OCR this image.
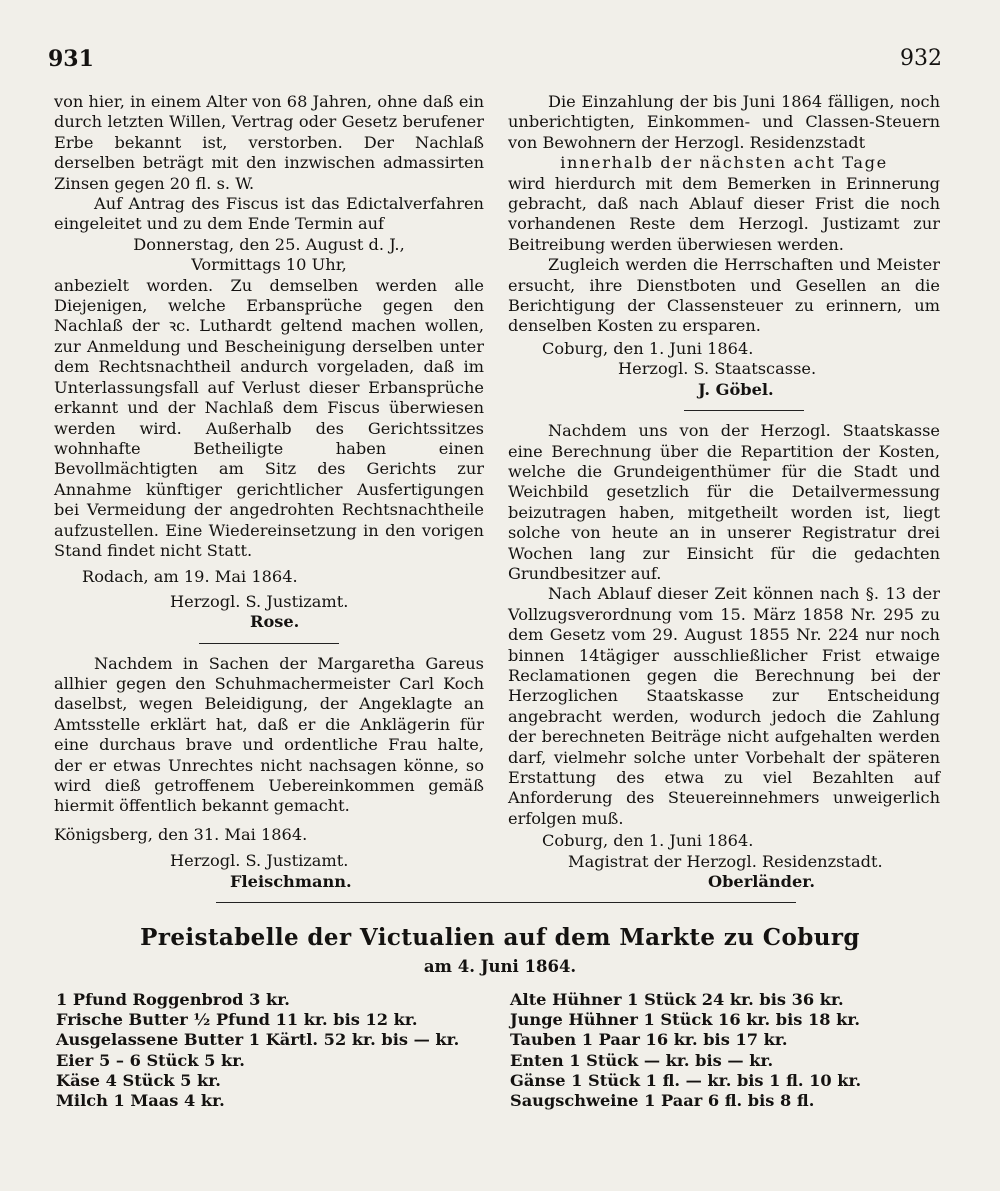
931	932

von hier, in einem Alter von 68 Jahren, ohne daß ein durch letzten Willen, Vertrag oder Gesetz berufener Erbe bekannt ist, verstorben. Der Nachlaß derselben beträgt mit den inzwischen admassirten Zinsen gegen 20 fl. s. W.

Auf Antrag des Fiscus ist das Edictalverfahren eingeleitet und zu dem Ende Termin auf

Donnerstag, den 25. August d. J.,

Vormittags 10 Uhr,

anbezielt worden. Zu demselben werden alle Diejenigen, welche Erbansprüche gegen den Nachlaß der ꝛc. Luthardt geltend machen wollen, zur Anmeldung und Bescheinigung derselben unter dem Rechtsnachtheil andurch vorgeladen, daß im Unterlassungsfall auf Verlust dieser Erbansprüche erkannt und der Nachlaß dem Fiscus überwiesen werden wird. Außerhalb des Gerichtssitzes wohnhafte Betheiligte haben einen Bevollmächtigten am Sitz des Gerichts zur Annahme künftiger gerichtlicher Ausfertigungen bei Vermeidung der angedrohten Rechtsnachtheile aufzustellen. Eine Wiedereinsetzung in den vorigen Stand findet nicht Statt.

Rodach, am 19. Mai 1864.

Herzogl. S. Justizamt.

Rose.

Nachdem in Sachen der Margaretha Gareus allhier gegen den Schuhmachermeister Carl Koch daselbst, wegen Beleidigung, der Angeklagte an Amtsstelle erklärt hat, daß er die Anklägerin für eine durchaus brave und ordentliche Frau halte, der er etwas Unrechtes nicht nachsagen könne, so wird dieß getroffenem Uebereinkommen gemäß hiermit öffentlich bekannt gemacht.

Königsberg, den 31. Mai 1864.

Herzogl. S. Justizamt.

Fleischmann.

Die Einzahlung der bis Juni 1864 fälligen, noch unberichtigten, Einkommen- und Classen-Steuern von Bewohnern der Herzogl. Residenzstadt

innerhalb der nächsten acht Tage

wird hierdurch mit dem Bemerken in Erinnerung gebracht, daß nach Ablauf dieser Frist die noch vorhandenen Reste dem Herzogl. Justizamt zur Beitreibung werden überwiesen werden.

Zugleich werden die Herrschaften und Meister ersucht, ihre Dienstboten und Gesellen an die Berichtigung der Classensteuer zu erinnern, um denselben Kosten zu ersparen.

Coburg, den 1. Juni 1864.

Herzogl. S. Staatscasse.

J. Göbel.

Nachdem uns von der Herzogl. Staatskasse eine Berechnung über die Repartition der Kosten, welche die Grundeigenthümer für die Stadt und Weichbild gesetzlich für die Detailvermessung beizutragen haben, mitgetheilt worden ist, liegt solche von heute an in unserer Registratur drei Wochen lang zur Einsicht für die gedachten Grundbesitzer auf.

Nach Ablauf dieser Zeit können nach §. 13 der Vollzugsverordnung vom 15. März 1858 Nr. 295 zu dem Gesetz vom 29. August 1855 Nr. 224 nur noch binnen 14tägiger ausschließlicher Frist etwaige Reclamationen gegen die Berechnung bei der Herzoglichen Staatskasse zur Entscheidung angebracht werden, wodurch jedoch die Zahlung der berechneten Beiträge nicht aufgehalten werden darf, vielmehr solche unter Vorbehalt der späteren Erstattung des etwa zu viel Bezahlten auf Anforderung des Steuereinnehmers unweigerlich erfolgen muß.

Coburg, den 1. Juni 1864.

Magistrat der Herzogl. Residenzstadt.

Oberländer.

Preistabelle der Victualien auf dem Markte zu Coburg
am 4. Juni 1864.
1 Pfund Roggenbrod 3 kr.
Frische Butter ½ Pfund 11 kr. bis 12 kr.
Ausgelassene Butter 1 Kärtl. 52 kr. bis — kr.
Eier 5 – 6 Stück 5 kr.
Käse 4 Stück 5 kr.
Milch 1 Maas 4 kr.
Alte Hühner 1 Stück 24 kr. bis 36 kr.
Junge Hühner 1 Stück 16 kr. bis 18 kr.
Tauben 1 Paar 16 kr. bis 17 kr.
Enten 1 Stück — kr. bis — kr.
Gänse 1 Stück 1 fl. — kr. bis 1 fl. 10 kr.
Saugschweine 1 Paar 6 fl. bis 8 fl.
